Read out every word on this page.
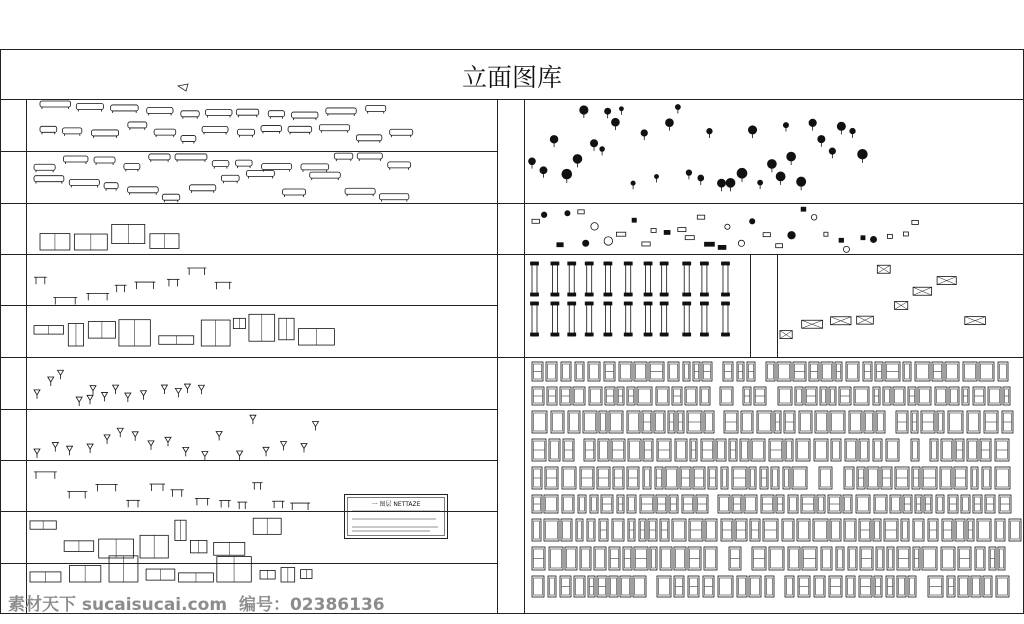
一 图层 NETTAZE
立面图库
素材天下 sucaisucai.com 编号：02386136
